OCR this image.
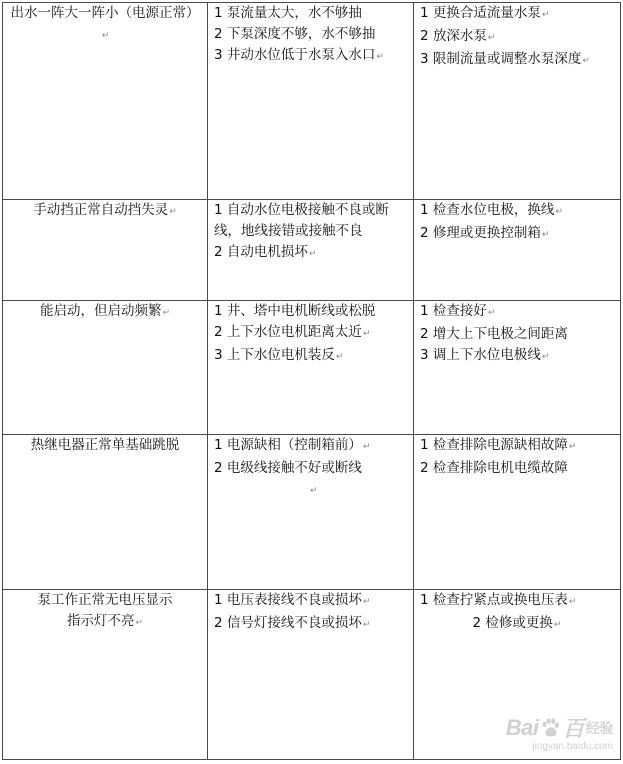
出水一阵大一阵小（电源正常）↵	1 泵流量太大，水不够抽
2 下泵深度不够，水不够抽
3 井动水位低于水泵入水口↵	1 更换合适流量水泵↵
2 放深水泵↵
3 限制流量或调整水泵深度↵

手动挡正常自动挡失灵↵	1 自动水位电极接触不良或断线，地线接错或接触不良
2 自动电机损坏↵	1 检查水位电极，换线↵
2 修理或更换控制箱↵

能启动，但启动频繁↵	1 井、塔中电机断线或松脱
2 上下水位电机距离太近↵
3 上下水位电机装反↵	1 检查接好↵
2 增大上下电极之间距离
3 调上下水位电极线↵

热继电器正常单基础跳脱	1 电源缺相（控制箱前）↵
2 电级线接触不好或断线
↵	1 检查排除电源缺相故障↵
2 检查排除电机电缆故障

泵工作正常无电压显示
指示灯不亮↵	1 电压表接线不良或损坏↵
2 信号灯接线不良或损坏↵	1 检查拧紧点或换电压表↵
2 检修或更换↵
Bai 百 经验
jingyan.baidu.com
